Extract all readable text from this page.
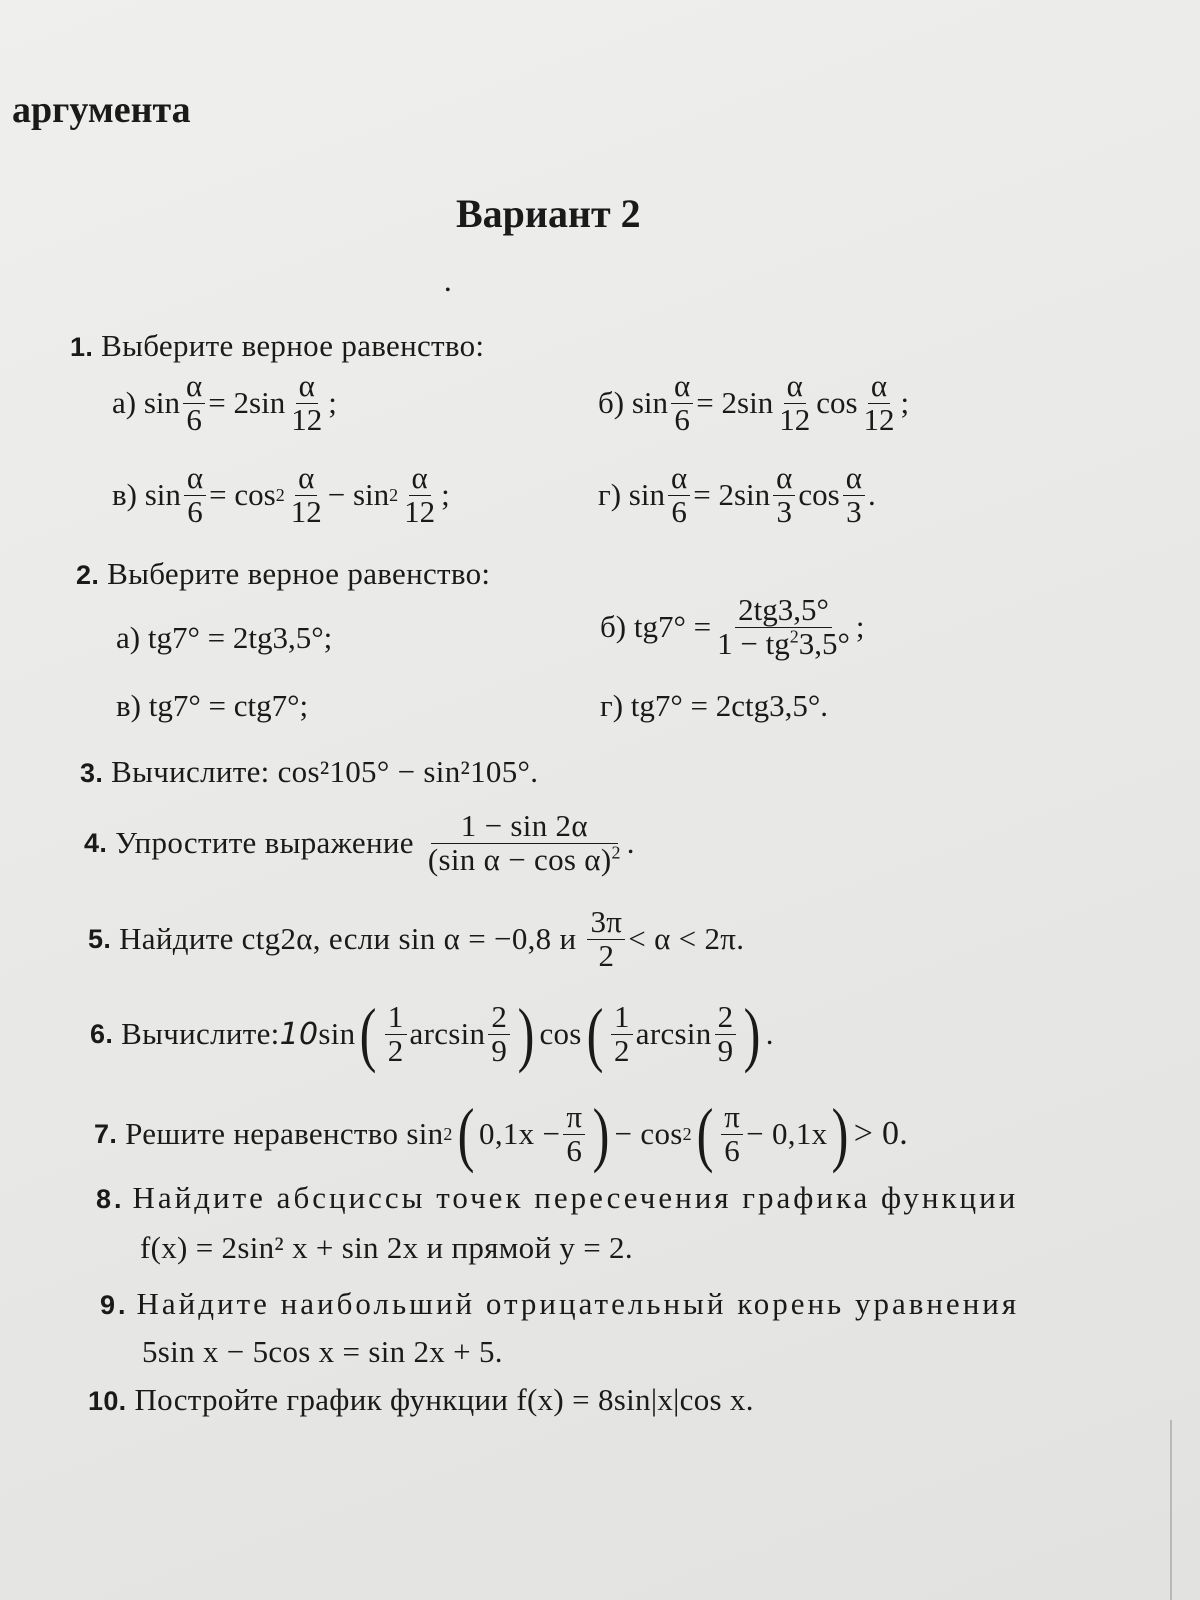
аргумента
Вариант 2
•
1. Выберите верное равенство:
а)
$\sin \frac{\alpha}{6}$ =
$2\sin \frac{\alpha}{12}$ ;	б)
$\sin \frac{\alpha}{6}$ =
$2\sin \frac{\alpha}{12}$ $\cos \frac{\alpha}{12}$ ;
в)
$\sin \frac{\alpha}{6}$ =
$\cos 2 \frac{\alpha}{12}$ −
$\sin 2 \frac{\alpha}{12}$ ;	г)
$\sin \frac{\alpha}{6}$ =
$2\sin \frac{\alpha}{3}$ $\cos \frac{\alpha}{3}$ .
2. Выберите верное равенство:
а)
tg7° = 2tg3,5°;	б)
$tg7^\circ = \frac{2tg3,5^\circ}{1 - tg^23,5^\circ}$ ;
в)
tg7° = ctg7°;	г)
tg7° = 2ctg3,5°.
3. Вычислите: cos²105° − sin²105°.
4. Упростите выражение
$\frac{1 - \sin 2\alpha}{(\sin \alpha - \cos \alpha)^2}$ .
5. Найдите ctg2α, если sin α = −0,8 и
$\frac{3\pi}{2} < \alpha < 2\pi$.
6. Вычислите: 10 sin ( $\frac{1}{2}$ $\arcsin \frac{2}{9}$ ) cos ( $\frac{1}{2}$ $\arcsin \frac{2}{9}$ ) .
7. Решите неравенство
sin 2 ( $0,1x - \frac{\pi}{6}$ ) − cos 2 ( $\frac{\pi}{6} - 0,1x$ ) > 0.
8. Найдите абсциссы точек пересечения графика функции
f(x) = 2sin² x + sin 2x и прямой y = 2.
9. Найдите наибольший отрицательный корень уравнения
5sin x − 5cos x = sin 2x + 5.
10. Постройте график функции f(x) = 8sin|x|cos x.
